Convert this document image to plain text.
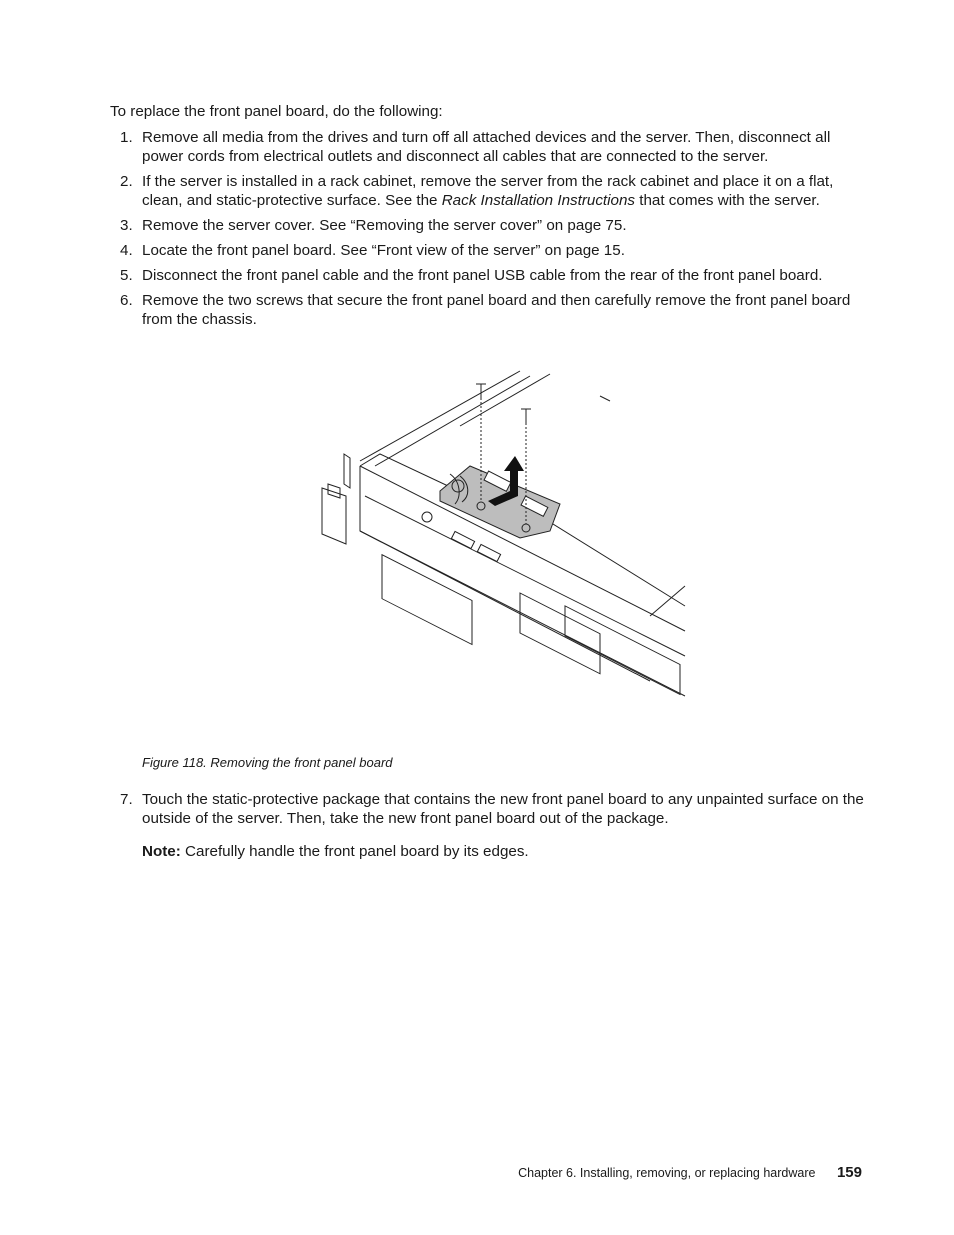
To replace the front panel board, do the following:

1. Remove all media from the drives and turn off all attached devices and the server. Then, disconnect all power cords from electrical outlets and disconnect all cables that are connected to the server.
2. If the server is installed in a rack cabinet, remove the server from the rack cabinet and place it on a flat, clean, and static-protective surface. See the Rack Installation Instructions that comes with the server.
3. Remove the server cover. See “Removing the server cover” on page 75.
4. Locate the front panel board. See “Front view of the server” on page 15.
5. Disconnect the front panel cable and the front panel USB cable from the rear of the front panel board.
6. Remove the two screws that secure the front panel board and then carefully remove the front panel board from the chassis.

Figure 118. Removing the front panel board

7. Touch the static-protective package that contains the new front panel board to any unpainted surface on the outside of the server. Then, take the new front panel board out of the package.
Note: Carefully handle the front panel board by its edges.
Chapter 6. Installing, removing, or replacing hardware 159
